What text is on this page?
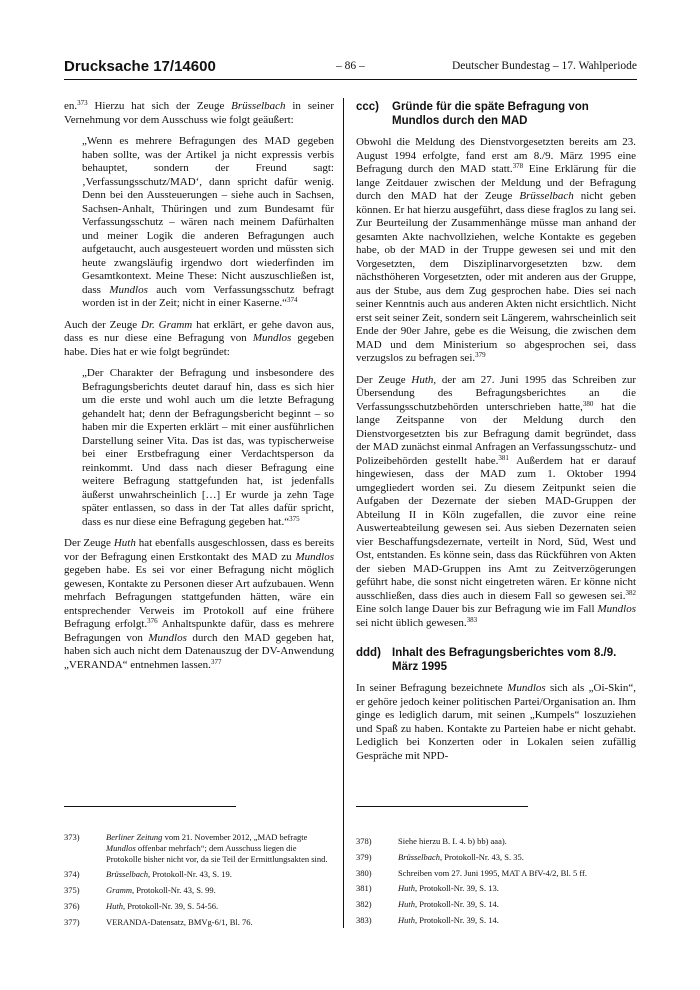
Drucksache 17/14600	– 86 –	Deutscher Bundestag – 17. Wahlperiode

en.$^{373}$ Hierzu hat sich der Zeuge Brüsselbach in seiner Vernehmung vor dem Ausschuss wie folgt geäußert:

„Wenn es mehrere Befragungen des MAD gegeben haben sollte, was der Artikel ja nicht expressis verbis behauptet, sondern der Freund sagt: ‚Verfassungsschutz/MAD‘, dann spricht dafür wenig. Denn bei den Aussteuerungen – siehe auch in Sachsen, Sachsen-Anhalt, Thüringen und zum Bundesamt für Verfassungsschutz – wären nach meinem Dafürhalten und meiner Logik die anderen Befragungen auch aufgetaucht, auch ausgesteuert worden und müssten sich heute zwangsläufig irgendwo dort wiederfinden im Gesamtkontext. Meine These: Nicht auszuschließen ist, dass Mundlos auch vom Verfassungsschutz befragt worden ist in der Zeit; nicht in einer Kaserne.“$^{374}$

Auch der Zeuge Dr. Gramm hat erklärt, er gehe davon aus, dass es nur diese eine Befragung von Mundlos gegeben habe. Dies hat er wie folgt begründet:

„Der Charakter der Befragung und insbesondere des Befragungsberichts deutet darauf hin, dass es sich hier um die erste und wohl auch um die letzte Befragung gehandelt hat; denn der Befragungsbericht beginnt – so haben mir die Experten erklärt – mit einer ausführlichen Darstellung seiner Vita. Das ist das, was typischerweise bei einer Erstbefragung einer Verdachtsperson da reinkommt. Und dass nach dieser Befragung eine weitere Befragung stattgefunden hat, ist jedenfalls äußerst unwahrscheinlich […] Er wurde ja zehn Tage später entlassen, so dass in der Tat alles dafür spricht, dass es nur diese eine Befragung gegeben hat.“$^{375}$

Der Zeuge Huth hat ebenfalls ausgeschlossen, dass es bereits vor der Befragung einen Erstkontakt des MAD zu Mundlos gegeben habe. Es sei vor einer Befragung nicht möglich gewesen, Kontakte zu Personen dieser Art aufzubauen. Wenn mehrfach Befragungen stattgefunden hätten, wäre ein entsprechender Verweis im Protokoll auf eine frühere Befragung erfolgt.$^{376}$ Anhaltspunkte dafür, dass es mehrere Befragungen von Mundlos durch den MAD gegeben hat, haben sich auch nicht dem Datenauszug der DV-Anwendung „VERANDA“ entnehmen lassen.$^{377}$

ccc)	Gründe für die späte Befragung von Mundlos durch den MAD

Obwohl die Meldung des Dienstvorgesetzten bereits am 23. August 1994 erfolgte, fand erst am 8./9. März 1995 eine Befragung durch den MAD statt.$^{378}$ Eine Erklärung für die lange Zeitdauer zwischen der Meldung und der Befragung durch den MAD hat der Zeuge Brüsselbach nicht geben können. Er hat hierzu ausgeführt, dass diese fraglos zu lang sei. Zur Beurteilung der Zusammenhänge müsse man anhand der gesamten Akte nachvollziehen, welche Kontakte es gegeben habe, ob der MAD in der Truppe gewesen sei und mit den Vorgesetzten, dem Disziplinarvorgesetzten bzw. dem nächsthöheren Vorgesetzten, oder mit anderen aus der Gruppe, aus der Stube, aus dem Zug gesprochen habe. Dies sei nach seiner Kenntnis auch aus anderen Akten nicht ersichtlich. Nicht erst seit seiner Zeit, sondern seit Längerem, wahrscheinlich seit Ende der 90er Jahre, gebe es die Weisung, die zwischen dem MAD und dem Ministerium so abgesprochen sei, dass verzugslos zu befragen sei.$^{379}$

Der Zeuge Huth, der am 27. Juni 1995 das Schreiben zur Übersendung des Befragungsberichtes an die Verfassungsschutzbehörden unterschrieben hatte,$^{380}$ hat die lange Zeitspanne von der Meldung durch den Dienstvorgesetzten bis zur Befragung damit begründet, dass der MAD zunächst einmal Anfragen an Verfassungsschutz- und Polizeibehörden gestellt habe.$^{381}$ Außerdem hat er darauf hingewiesen, dass der MAD zum 1. Oktober 1994 umgegliedert worden sei. Zu diesem Zeitpunkt seien die Aufgaben der Dezernate der sieben MAD-Gruppen der Abteilung II in Köln zugefallen, die zuvor eine reine Auswerteabteilung gewesen sei. Aus sieben Dezernaten seien vier Beschaffungsdezernate, verteilt in Nord, Süd, West und Ost, entstanden. Es könne sein, dass das Rückführen von Akten der sieben MAD-Gruppen ins Amt zu Zeitverzögerungen geführt habe, die sonst nicht eingetreten wären. Er könne nicht ausschließen, dass dies auch in diesem Fall so gewesen sei.$^{382}$ Eine solch lange Dauer bis zur Befragung wie im Fall Mundlos sei nicht üblich gewesen.$^{383}$

ddd) Inhalt des Befragungsberichtes vom 8./9. März 1995

In seiner Befragung bezeichnete Mundlos sich als „Oi-Skin“, er gehöre jedoch keiner politischen Partei/Organisation an. Ihm ginge es lediglich darum, mit seinen „Kumpels“ loszuziehen und Spaß zu haben. Kontakte zu Parteien habe er nicht gehabt. Lediglich bei Konzerten oder in Lokalen seien zufällig Gespräche mit NPD-

373)	Berliner Zeitung vom 21. November 2012, „MAD befragte Mundlos offenbar mehrfach“; dem Ausschuss liegen die Protokolle bisher nicht vor, da sie Teil der Ermittlungsakten sind.
374)	Brüsselbach, Protokoll-Nr. 43, S. 19.
375)	Gramm, Protokoll-Nr. 43, S. 99.
376)	Huth, Protokoll-Nr. 39, S. 54-56.
377)	VERANDA-Datensatz, BMVg-6/1, Bl. 76.
378)	Siehe hierzu B. I. 4. b) bb) aaa).
379)	Brüsselbach, Protokoll-Nr. 43, S. 35.
380)	Schreiben vom 27. Juni 1995, MAT A BfV-4/2, Bl. 5 ff.
381)	Huth, Protokoll-Nr. 39, S. 13.
382)	Huth, Protokoll-Nr. 39, S. 14.
383)	Huth, Protokoll-Nr. 39, S. 14.
